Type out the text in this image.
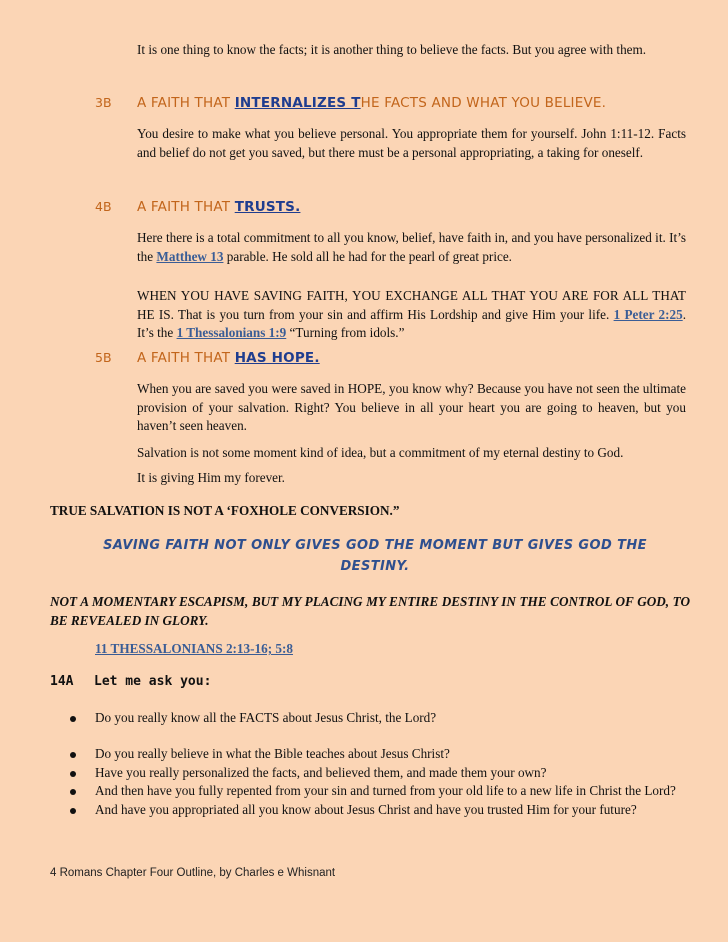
It is one thing to know the facts; it is another thing to believe the facts. But you agree with them.

3B A FAITH THAT INTERNALIZES THE FACTS AND WHAT YOU BELIEVE.

You desire to make what you believe personal. You appropriate them for yourself. John 1:11-12. Facts and belief do not get you saved, but there must be a personal appropriating, a taking for oneself.

4B A FAITH THAT TRUSTS.

Here there is a total commitment to all you know, belief, have faith in, and you have personalized it. It’s the Matthew 13 parable. He sold all he had for the pearl of great price.

WHEN YOU HAVE SAVING FAITH, YOU EXCHANGE ALL THAT YOU ARE FOR ALL THAT HE IS. That is you turn from your sin and affirm His Lordship and give Him your life. 1 Peter 2:25. It’s the 1 Thessalonians 1:9 “Turning from idols.”

5B A FAITH THAT HAS HOPE.

When you are saved you were saved in HOPE, you know why? Because you have not seen the ultimate provision of your salvation. Right? You believe in all your heart you are going to heaven, but you haven’t seen heaven.

Salvation is not some moment kind of idea, but a commitment of my eternal destiny to God.

It is giving Him my forever.

TRUE SALVATION IS NOT A ‘FOXHOLE CONVERSION.”

SAVING FAITH NOT ONLY GIVES GOD THE MOMENT BUT GIVES GOD THE
DESTINY.

NOT A MOMENTARY ESCAPISM, BUT MY PLACING MY ENTIRE DESTINY IN THE CONTROL OF GOD, TO BE REVEALED IN GLORY.

11 THESSALONIANS 2:13-16; 5:8

14A Let me ask you:
Do you really know all the FACTS about Jesus Christ, the Lord?
Do you really believe in what the Bible teaches about Jesus Christ?
Have you really personalized the facts, and believed them, and made them your own?
And then have you fully repented from your sin and turned from your old life to a new life in Christ the Lord?
And have you appropriated all you know about Jesus Christ and have you trusted Him for your future?
4 Romans Chapter Four Outline, by Charles e Whisnant
